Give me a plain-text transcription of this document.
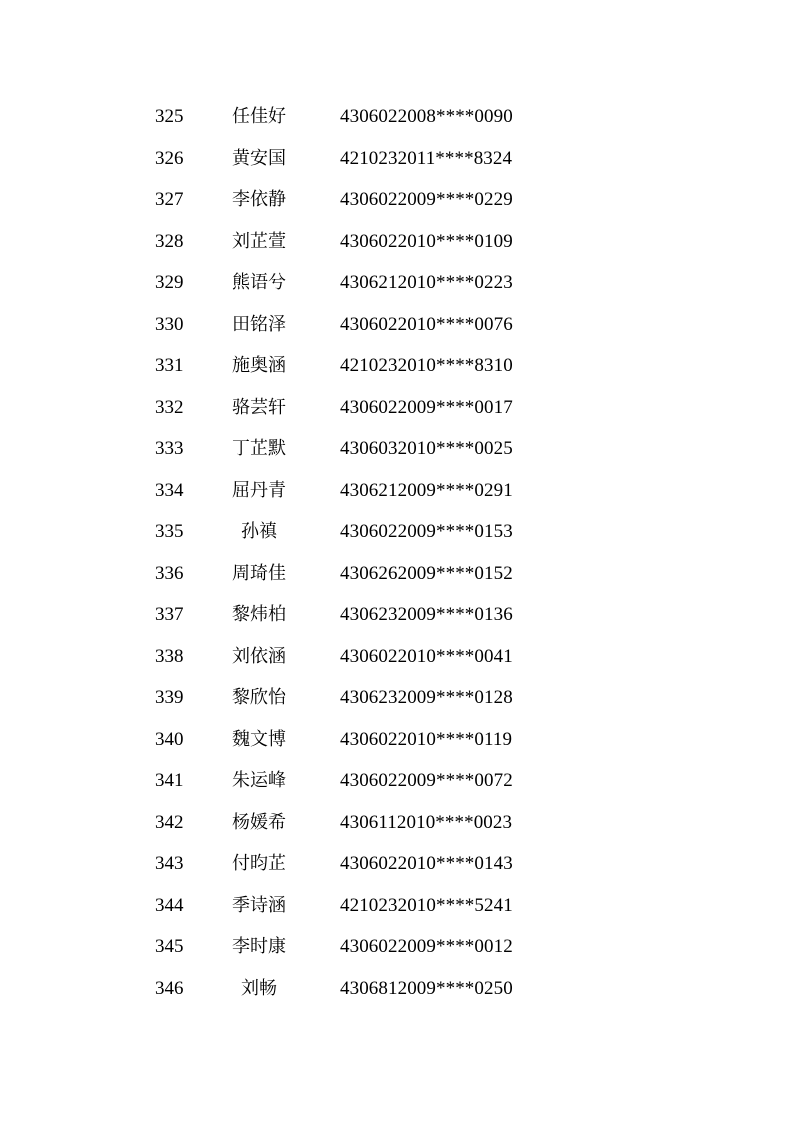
325	任佳好	4306022008****0090
326	黄安国	4210232011****8324
327	李依静	4306022009****0229
328	刘芷萱	4306022010****0109
329	熊语兮	4306212010****0223
330	田铭泽	4306022010****0076
331	施奥涵	4210232010****8310
332	骆芸轩	4306022009****0017
333	丁芷默	4306032010****0025
334	屈丹青	4306212009****0291
335	孙禛	4306022009****0153
336	周琦佳	4306262009****0152
337	黎炜柏	4306232009****0136
338	刘依涵	4306022010****0041
339	黎欣怡	4306232009****0128
340	魏文博	4306022010****0119
341	朱运峰	4306022009****0072
342	杨媛希	4306112010****0023
343	付昀芷	4306022010****0143
344	季诗涵	4210232010****5241
345	李时康	4306022009****0012
346	刘畅	4306812009****0250
